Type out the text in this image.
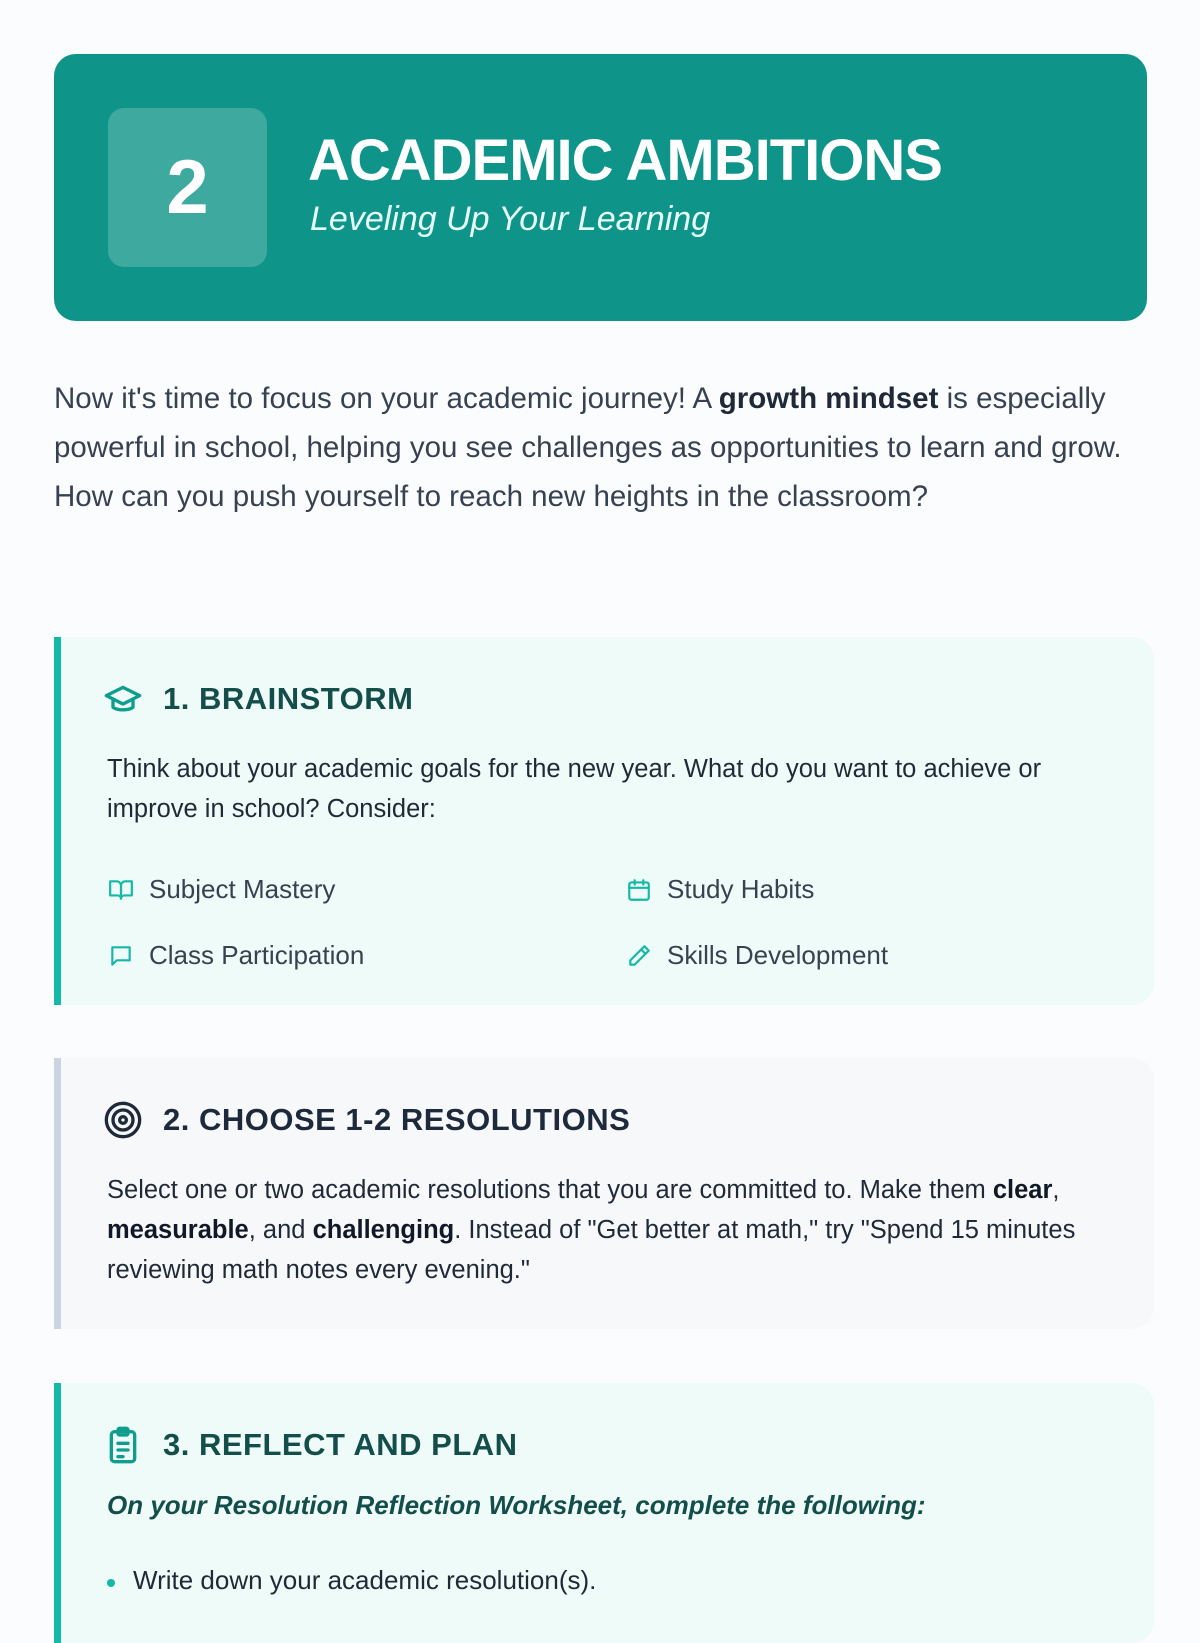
2 ACADEMIC AMBITIONS
Leveling Up Your Learning

Now it's time to focus on your academic journey! A growth mindset is especially powerful in school, helping you see challenges as opportunities to learn and grow. How can you push yourself to reach new heights in the classroom?

1. BRAINSTORM
Think about your academic goals for the new year. What do you want to achieve or improve in school? Consider:
Subject Mastery	Study Habits
Class Participation	Skills Development
2. CHOOSE 1-2 RESOLUTIONS

Select one or two academic resolutions that you are committed to. Make them clear, measurable, and challenging. Instead of "Get better at math," try "Spend 15 minutes reviewing math notes every evening."

3. REFLECT AND PLAN
On your Resolution Reflection Worksheet, complete the following:
Write down your academic resolution(s).
